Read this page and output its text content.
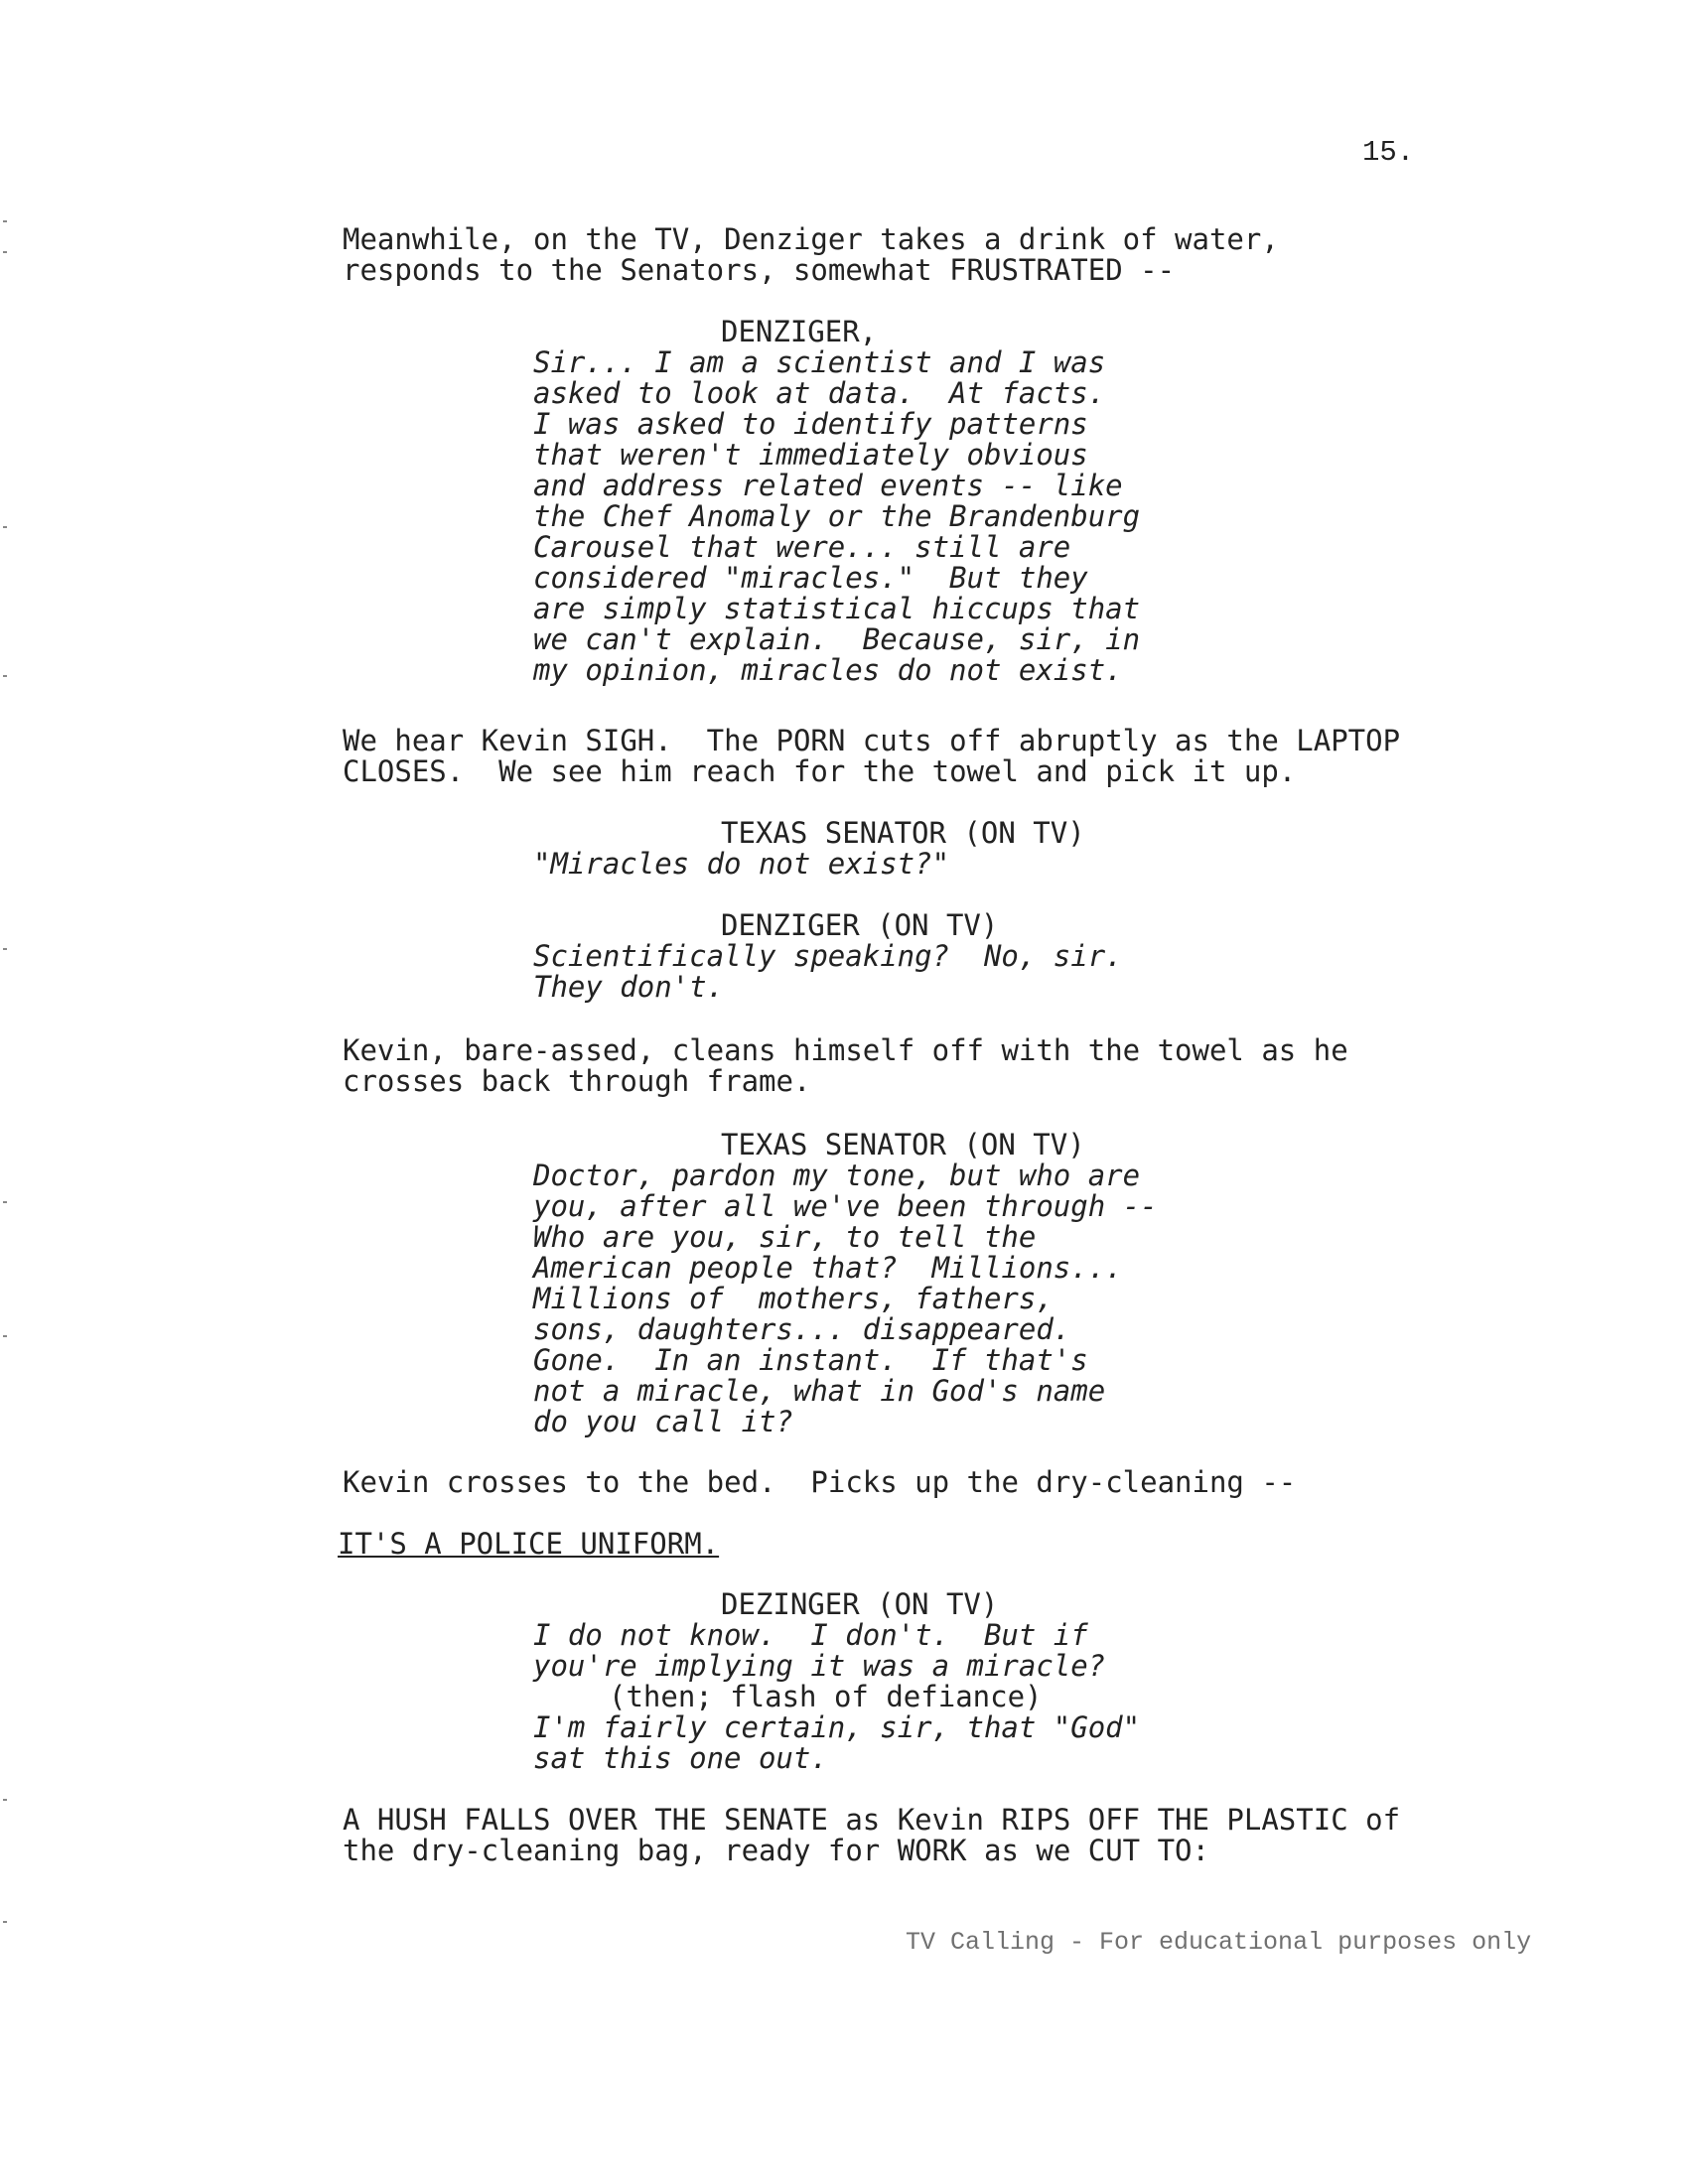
15.
Meanwhile, on the TV, Denziger takes a drink of water,
responds to the Senators, somewhat FRUSTRATED --
DENZIGER,
Sir... I am a scientist and I was
asked to look at data.  At facts.
I was asked to identify patterns
that weren't immediately obvious
and address related events -- like
the Chef Anomaly or the Brandenburg
Carousel that were... still are
considered "miracles."  But they
are simply statistical hiccups that
we can't explain.  Because, sir, in
my opinion, miracles do not exist.
We hear Kevin SIGH.  The PORN cuts off abruptly as the LAPTOP
CLOSES.  We see him reach for the towel and pick it up.
TEXAS SENATOR (ON TV)
"Miracles do not exist?"
DENZIGER (ON TV)
Scientifically speaking?  No, sir.
They don't.
Kevin, bare-assed, cleans himself off with the towel as he
crosses back through frame.
TEXAS SENATOR (ON TV)
Doctor, pardon my tone, but who are
you, after all we've been through --
Who are you, sir, to tell the
American people that?  Millions...
Millions of  mothers, fathers,
sons, daughters... disappeared.
Gone.  In an instant.  If that's
not a miracle, what in God's name
do you call it?
Kevin crosses to the bed.  Picks up the dry-cleaning --
IT'S A POLICE UNIFORM.
DEZINGER (ON TV)
I do not know.  I don't.  But if
you're implying it was a miracle?
(then; flash of defiance)
I'm fairly certain, sir, that "God"
sat this one out.
A HUSH FALLS OVER THE SENATE as Kevin RIPS OFF THE PLASTIC of
the dry-cleaning bag, ready for WORK as we CUT TO:
TV Calling - For educational purposes only
